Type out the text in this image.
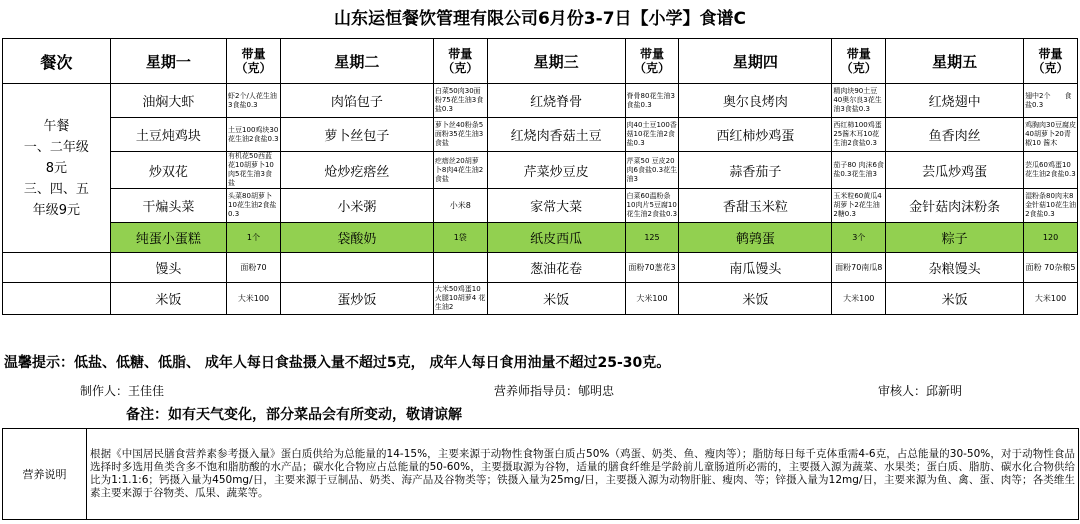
山东运恒餐饮管理有限公司6月份3-7日【小学】食谱C
餐次	星期一	带量（克）	星期二	带量（克）	星期三	带量（克）	星期四	带量（克）	星期五	带量（克）

午餐
一、二年级
8元
三、四、五
年级9元	油焖大虾	虾2个/人花生油3食盐0.3	肉馅包子	白菜50肉30面粉75花生油3食盐0.3	红烧脊骨	脊骨80花生油3食盐0.3	奥尔良烤肉	精肉块90土豆40奥尔良3花生油3食盐0.3	红烧翅中	翅中2个　　食盐0.3
	土豆炖鸡块	土豆100鸡块30花生油2食盐0.3	萝卜丝包子	萝卜丝40粉条5面粉35花生油3食盐	红烧肉香菇土豆	肉40土豆100香菇10花生油2食盐0.3	西红柿炒鸡蛋	西红柿100鸡蛋25酱木耳10花生油2食盐0.3	鱼香肉丝	鸡胸肉30豆腐皮40胡萝卜20青椒10 酱木
	炒双花	有机花50西蓝花10胡萝卜10肉5花生油3食盐	炝炒疙瘩丝	疙瘩丝20胡萝卜8肉4花生油2食盐	芹菜炒豆皮	芹菜50 豆皮20肉6食盐0.3花生油3	蒜香茄子	茄子80 肉沫6食盐0.3花生油3	芸瓜炒鸡蛋	芸瓜60鸡蛋10花生油2食盐0.3
	干煸头菜	头菜80胡萝卜10花生油2食盐0.3	小米粥	小米8	家常大菜	白菜60温粉条10肉片5豆腐10花生油2食盐0.3	香甜玉米粒	玉米粒60黄瓜4胡萝卜2花生油2糖0.3	金针菇肉沫粉条	湿粉条80肉末8金针菇10花生油2食盐0.3
	纯蛋小蛋糕	1个	袋酸奶	1袋	纸皮西瓜	125	鹌鹑蛋	3个	粽子	120
	馒头	面粉70			葱油花卷	面粉70葱花3	南瓜馒头	面粉70南瓜8	杂粮馒头	面粉 70杂粮5
	米饭	大米100	蛋炒饭	大米50鸡蛋10火腿10胡萝4 花生油2	米饭	大米100	米饭	大米100	米饭	大米100
温馨提示：低盐、低糖、低脂、 成年人每日食盐摄入量不超过5克， 成年人每日食用油量不超过25-30克。
制作人：王佳佳	营养师指导员：郇明忠	审核人：邱新明
备注：如有天气变化，部分菜品会有所变动，敬请谅解
营养说明	根据《中国居民膳食营养素参考摄入量》蛋白质供给为总能量的14-15%，主要来源于动物性食物蛋白质占50%（鸡蛋、奶类、鱼、瘦肉等）；脂肪每日每千克体重需4-6克，占总能量的30-50%，对于动物性食品选择时多选用鱼类含多不饱和脂肪酸的水产品；碳水化合物应占总能量的50-60%，主要摄取源为谷物，适量的膳食纤维是学龄前儿童肠道所必需的，主要摄入源为蔬菜、水果类；蛋白质、脂肪、碳水化合物供给比为1:1.1:6；钙摄入量为450mg/日，主要来源于豆制品、奶类、海产品及谷物类等；铁摄入量为25mg/日，主要摄入源为动物肝脏、瘦肉、等；锌摄入量为12mg/日，主要来源为鱼、禽、蛋、肉等；各类维生素主要来源于谷物类、瓜果、蔬菜等。
